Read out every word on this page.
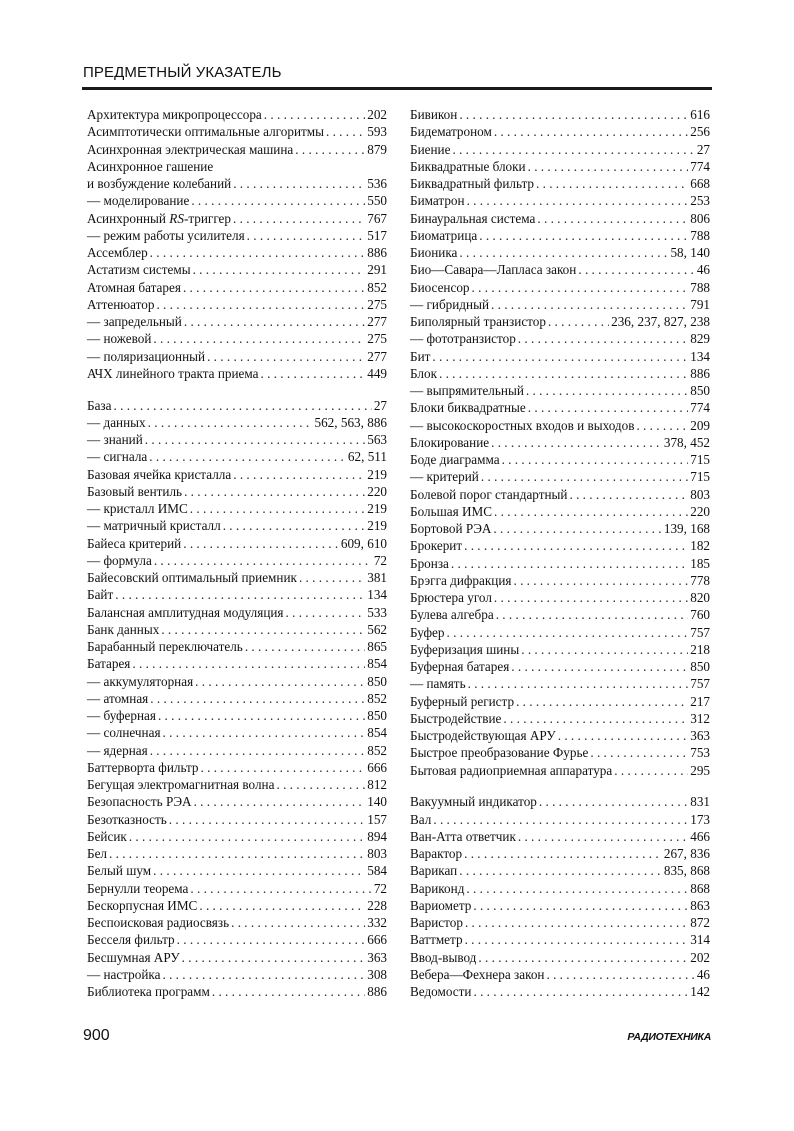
ПРЕДМЕТНЫЙ УКАЗАТЕЛЬ
Архитектура микропроцессора . . .	202
Асимптотически оптимальные алгоритмы . . .	593
Асинхронная электрическая машина . . .	879
Асинхронное гашение
и возбуждение колебаний . . .	536
— моделирование . . .	550
Асинхронный RS-триггер . . .	767
— режим работы усилителя . . .	517
Ассемблер . . .	886
Астатизм системы . . .	291
Атомная батарея . . .	852
Аттенюатор . . .	275
— запредельный . . .	277
— ножевой . . .	275
— поляризационный . . .	277
АЧХ линейного тракта приема . . .	449
База . . .	27
— данных . . .	562, 563, 886
— знаний . . .	563
— сигнала . . .	62, 511
Базовая ячейка кристалла . . .	219
Базовый вентиль . . .	220
— кристалл ИМС . . .	219
— матричный кристалл . . .	219
Байеса критерий . . .	609, 610
— формула . . .	72
Байесовский оптимальный приемник . . .	381
Байт . . .	134
Балансная амплитудная модуляция . . .	533
Банк данных . . .	562
Барабанный переключатель . . .	865
Батарея . . .	854
— аккумуляторная . . .	850
— атомная . . .	852
— буферная . . .	850
— солнечная . . .	854
— ядерная . . .	852
Баттерворта фильтр . . .	666
Бегущая электромагнитная волна . . .	812
Безопасность РЭА . . .	140
Безотказность . . .	157
Бейсик . . .	894
Бел . . .	803
Белый шум . . .	584
Бернулли теорема . . .	72
Бескорпусная ИМС . . .	228
Беспоисковая радиосвязь . . .	332
Бесселя фильтр . . .	666
Бесшумная АРУ . . .	363
— настройка . . .	308
Библиотека программ . . .	886
Бивикон . . .	616
Бидематроном . . .	256
Биение . . .	27
Биквадратные блоки . . .	774
Биквадратный фильтр . . .	668
Биматрон . . .	253
Бинауральная система . . .	806
Биоматрица . . .	788
Бионика . . .	58, 140
Био—Савара—Лапласа закон . . .	46
Биосенсор . . .	788
— гибридный . . .	791
Биполярный транзистор . . .	236, 237, 827, 238
— фототранзистор . . .	829
Бит . . .	134
Блок . . .	886
— выпрямительный . . .	850
Блоки биквадратные . . .	774
— высокоскоростных входов и выходов . . .	209
Блокирование . . .	378, 452
Боде диаграмма . . .	715
— критерий . . .	715
Болевой порог стандартный . . .	803
Большая ИМС . . .	220
Бортовой РЭА . . .	139, 168
Брокерит . . .	182
Бронза . . .	185
Брэгга дифракция . . .	778
Брюстера угол . . .	820
Булева алгебра . . .	760
Буфер . . .	757
Буферизация шины . . .	218
Буферная батарея . . .	850
— память . . .	757
Буферный регистр . . .	217
Быстродействие . . .	312
Быстродействующая АРУ . . .	363
Быстрое преобразование Фурье . . .	753
Бытовая радиоприемная аппаратура . . .	295
Вакуумный индикатор . . .	831
Вал . . .	173
Ван-Атта ответчик . . .	466
Варактор . . .	267, 836
Варикап . . .	835, 868
Вариконд . . .	868
Вариометр . . .	863
Варистор . . .	872
Ваттметр . . .	314
Ввод-вывод . . .	202
Вебера—Фехнера закон . . .	46
Ведомости . . .	142
900	РАДИОТЕХНИКА
